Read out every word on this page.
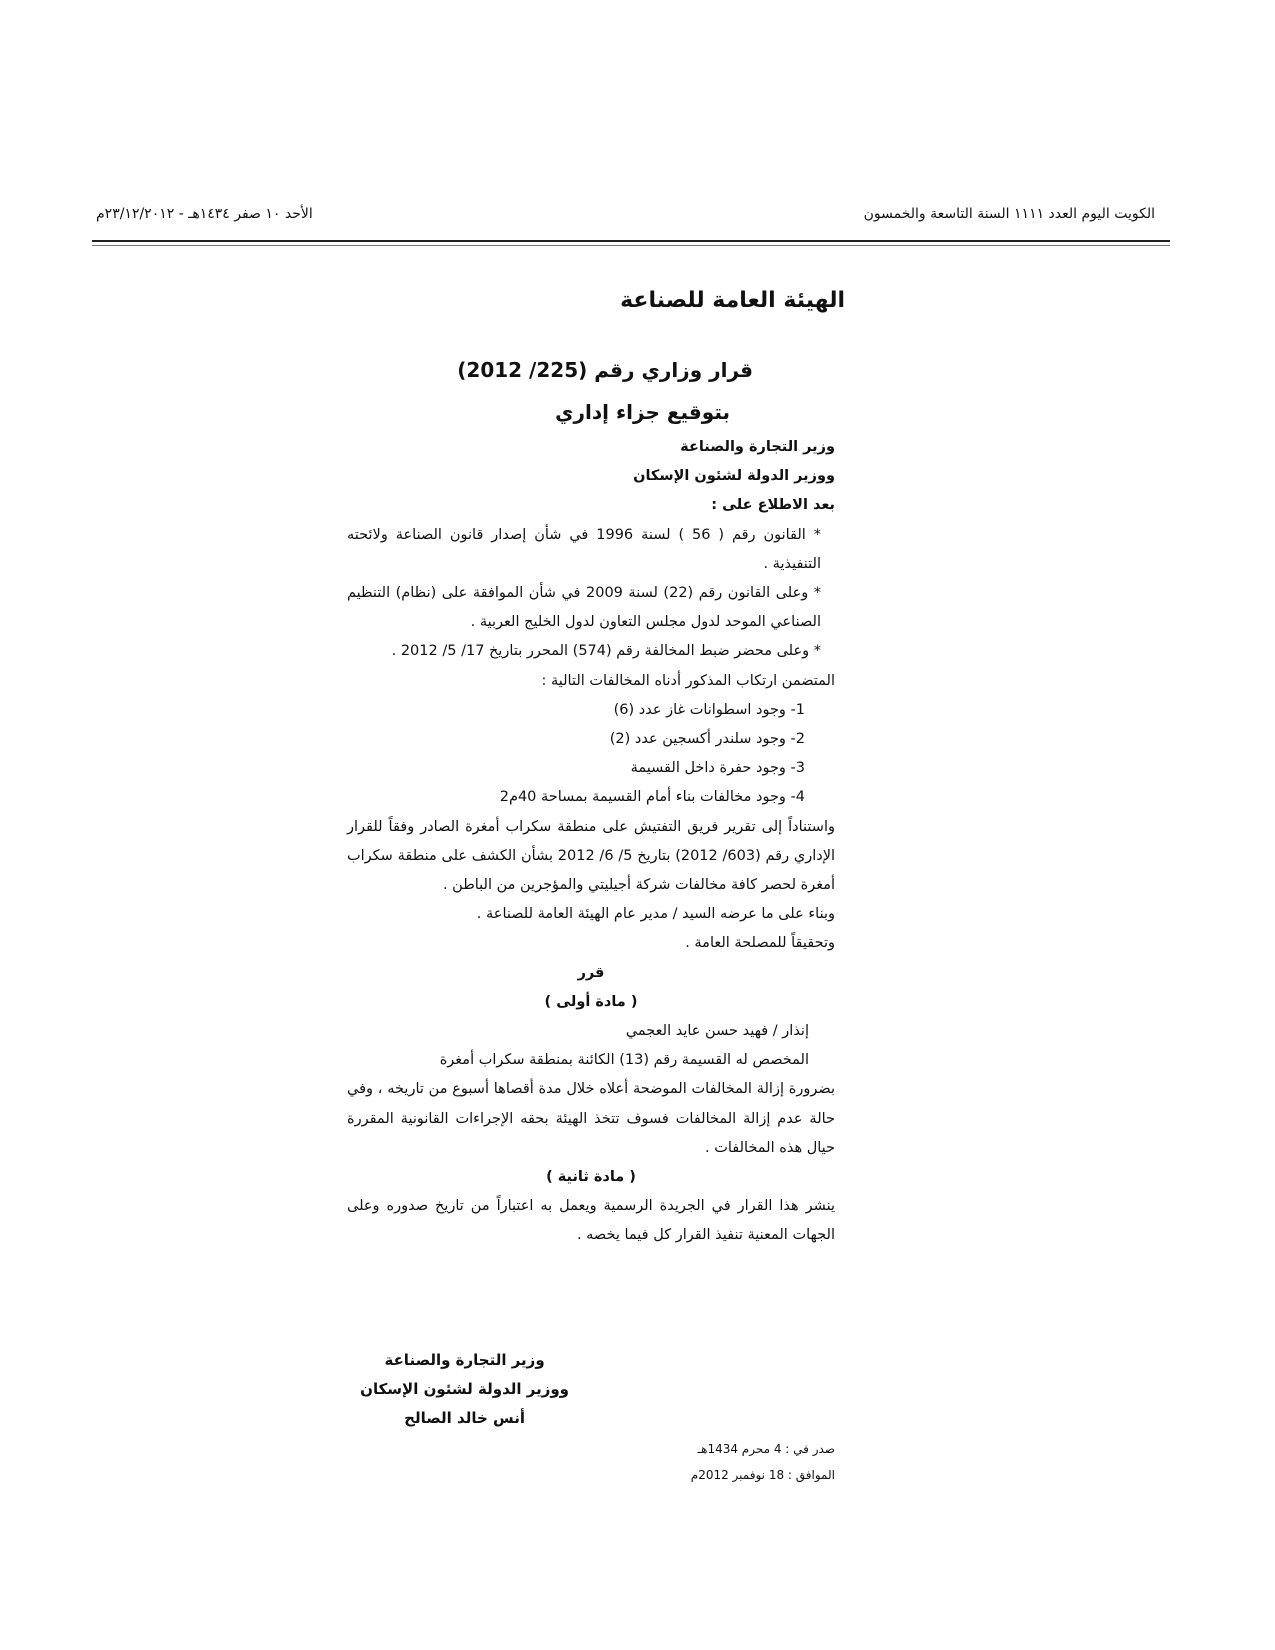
الكويت اليوم العدد ١١١١ السنة التاسعة والخمسون
الأحد ١٠ صفر ١٤٣٤هـ - ٢٣/١٢/٢٠١٢م
الهيئة العامة للصناعة
قرار وزاري رقم (225/ 2012)
بتوقيع جزاء إداري

وزير التجارة والصناعة

ووزير الدولة لشئون الإسكان

بعد الاطلاع على :

* القانون رقم ( 56 ) لسنة 1996 في شأن إصدار قانون الصناعة ولائحته التنفيذية .

* وعلى القانون رقم (22) لسنة 2009 في شأن الموافقة على (نظام) التنظيم الصناعي الموحد لدول مجلس التعاون لدول الخليج العربية .

* وعلى محضر ضبط المخالفة رقم (574) المحرر بتاريخ 17/ 5/ 2012 .

المتضمن ارتكاب المذكور أدناه المخالفات التالية :

1- وجود اسطوانات غاز عدد (6)

2- وجود سلندر أكسجين عدد (2)

3- وجود حفرة داخل القسيمة

4- وجود مخالفات بناء أمام القسيمة بمساحة 40م2

واستناداً إلى تقرير فريق التفتيش على منطقة سكراب أمغرة الصادر وفقاً للقرار الإداري رقم (603/ 2012) بتاريخ 5/ 6/ 2012 بشأن الكشف على منطقة سكراب أمغرة لحصر كافة مخالفات شركة أجيليتي والمؤجرين من الباطن .

وبناء على ما عرضه السيد / مدير عام الهيئة العامة للصناعة .

وتحقيقاً للمصلحة العامة .

قرر

( مادة أولى )

إنذار / فهيد حسن عايد العجمي

المخصص له القسيمة رقم (13) الكائنة بمنطقة سكراب أمغرة

بضرورة إزالة المخالفات الموضحة أعلاه خلال مدة أقصاها أسبوع من تاريخه ، وفي حالة عدم إزالة المخالفات فسوف تتخذ الهيئة بحقه الإجراءات القانونية المقررة حيال هذه المخالفات .

( مادة ثانية )

ينشر هذا القرار في الجريدة الرسمية ويعمل به اعتباراً من تاريخ صدوره وعلى الجهات المعنية تنفيذ القرار كل فيما يخصه .

وزير التجارة والصناعة

ووزير الدولة لشئون الإسكان

أنس خالد الصالح

صدر في : 4 محرم 1434هـ

الموافق : 18 نوفمبر 2012م
